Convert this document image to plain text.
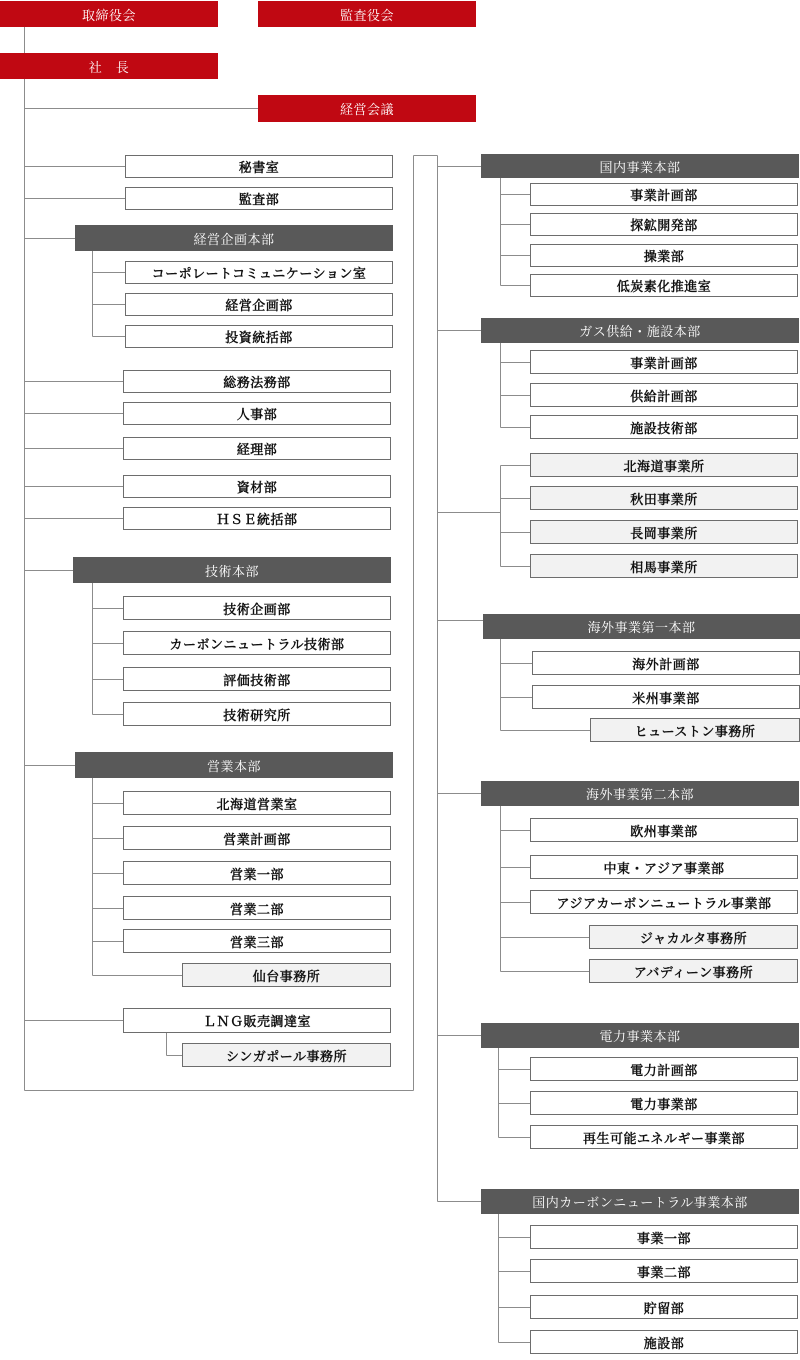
取締役会	監査役会
社　長
経営会議
秘書室
監査部
経営企画本部
コーポレートコミュニケーション室
経営企画部
投資統括部
総務法務部
人事部
経理部
資材部
ＨＳＥ統括部
技術本部
技術企画部
カーボンニュートラル技術部
評価技術部
技術研究所
営業本部
北海道営業室
営業計画部
営業一部
営業二部
営業三部
仙台事務所
ＬＮＧ販売調達室
シンガポール事務所
国内事業本部
事業計画部
探鉱開発部
操業部
低炭素化推進室
ガス供給・施設本部
事業計画部
供給計画部
施設技術部
北海道事業所
秋田事業所
長岡事業所
相馬事業所
海外事業第一本部
海外計画部
米州事業部
ヒューストン事務所
海外事業第二本部
欧州事業部
中東・アジア事業部
アジアカーボンニュートラル事業部
ジャカルタ事務所
アバディーン事務所
電力事業本部
電力計画部
電力事業部
再生可能エネルギー事業部
国内カーボンニュートラル事業本部
事業一部
事業二部
貯留部
施設部
